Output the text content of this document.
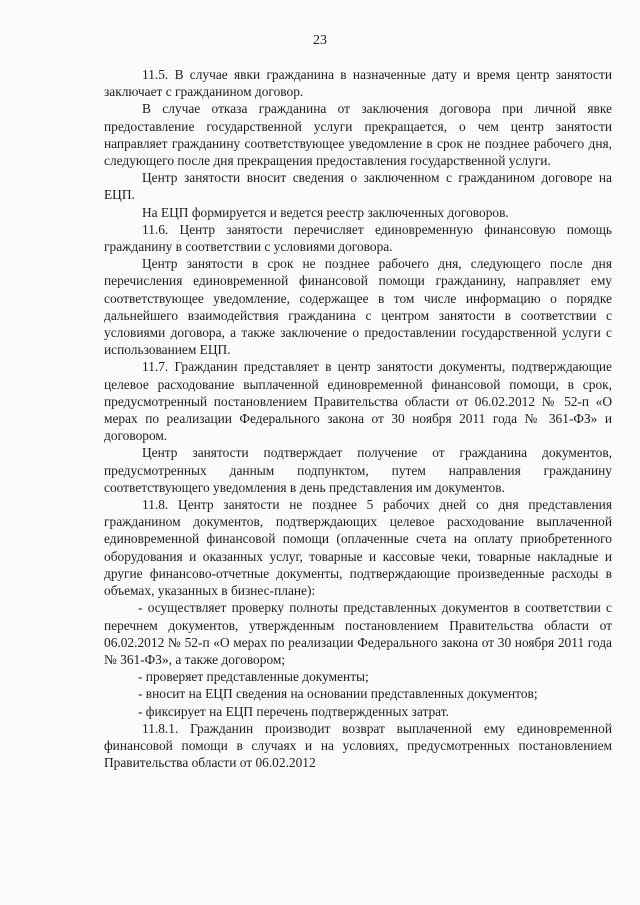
23

11.5. В случае явки гражданина в назначенные дату и время центр занятости заключает с гражданином договор.

В случае отказа гражданина от заключения договора при личной явке предоставление государственной услуги прекращается, о чем центр занятости направляет гражданину соответствующее уведомление в срок не позднее рабочего дня, следующего после дня прекращения предоставления государственной услуги.

Центр занятости вносит сведения о заключенном с гражданином договоре на ЕЦП.

На ЕЦП формируется и ведется реестр заключенных договоров.

11.6. Центр занятости перечисляет единовременную финансовую помощь гражданину в соответствии с условиями договора.

Центр занятости в срок не позднее рабочего дня, следующего после дня перечисления единовременной финансовой помощи гражданину, направляет ему соответствующее уведомление, содержащее в том числе информацию о порядке дальнейшего взаимодействия гражданина с центром занятости в соответствии с условиями договора, а также заключение о предоставлении государственной услуги с использованием ЕЦП.

11.7. Гражданин представляет в центр занятости документы, подтверждающие целевое расходование выплаченной единовременной финансовой помощи, в срок, предусмотренный постановлением Правительства области от 06.02.2012 № 52-п «О мерах по реализации Федерального закона от 30 ноября 2011 года № 361-ФЗ» и договором.

Центр занятости подтверждает получение от гражданина документов, предусмотренных данным подпунктом, путем направления гражданину соответствующего уведомления в день представления им документов.

11.8. Центр занятости не позднее 5 рабочих дней со дня представления гражданином документов, подтверждающих целевое расходование выплаченной единовременной финансовой помощи (оплаченные счета на оплату приобретенного оборудования и оказанных услуг, товарные и кассовые чеки, товарные накладные и другие финансово-отчетные документы, подтверждающие произведенные расходы в объемах, указанных в бизнес-плане):

- осуществляет проверку полноты представленных документов в соответствии с перечнем документов, утвержденным постановлением Правительства области от 06.02.2012 № 52-п «О мерах по реализации Федерального закона от 30 ноября 2011 года № 361-ФЗ», а также договором;

- проверяет представленные документы;

- вносит на ЕЦП сведения на основании представленных документов;

- фиксирует на ЕЦП перечень подтвержденных затрат.

11.8.1. Гражданин производит возврат выплаченной ему единовременной финансовой помощи в случаях и на условиях, предусмотренных постановлением Правительства области от 06.02.2012
